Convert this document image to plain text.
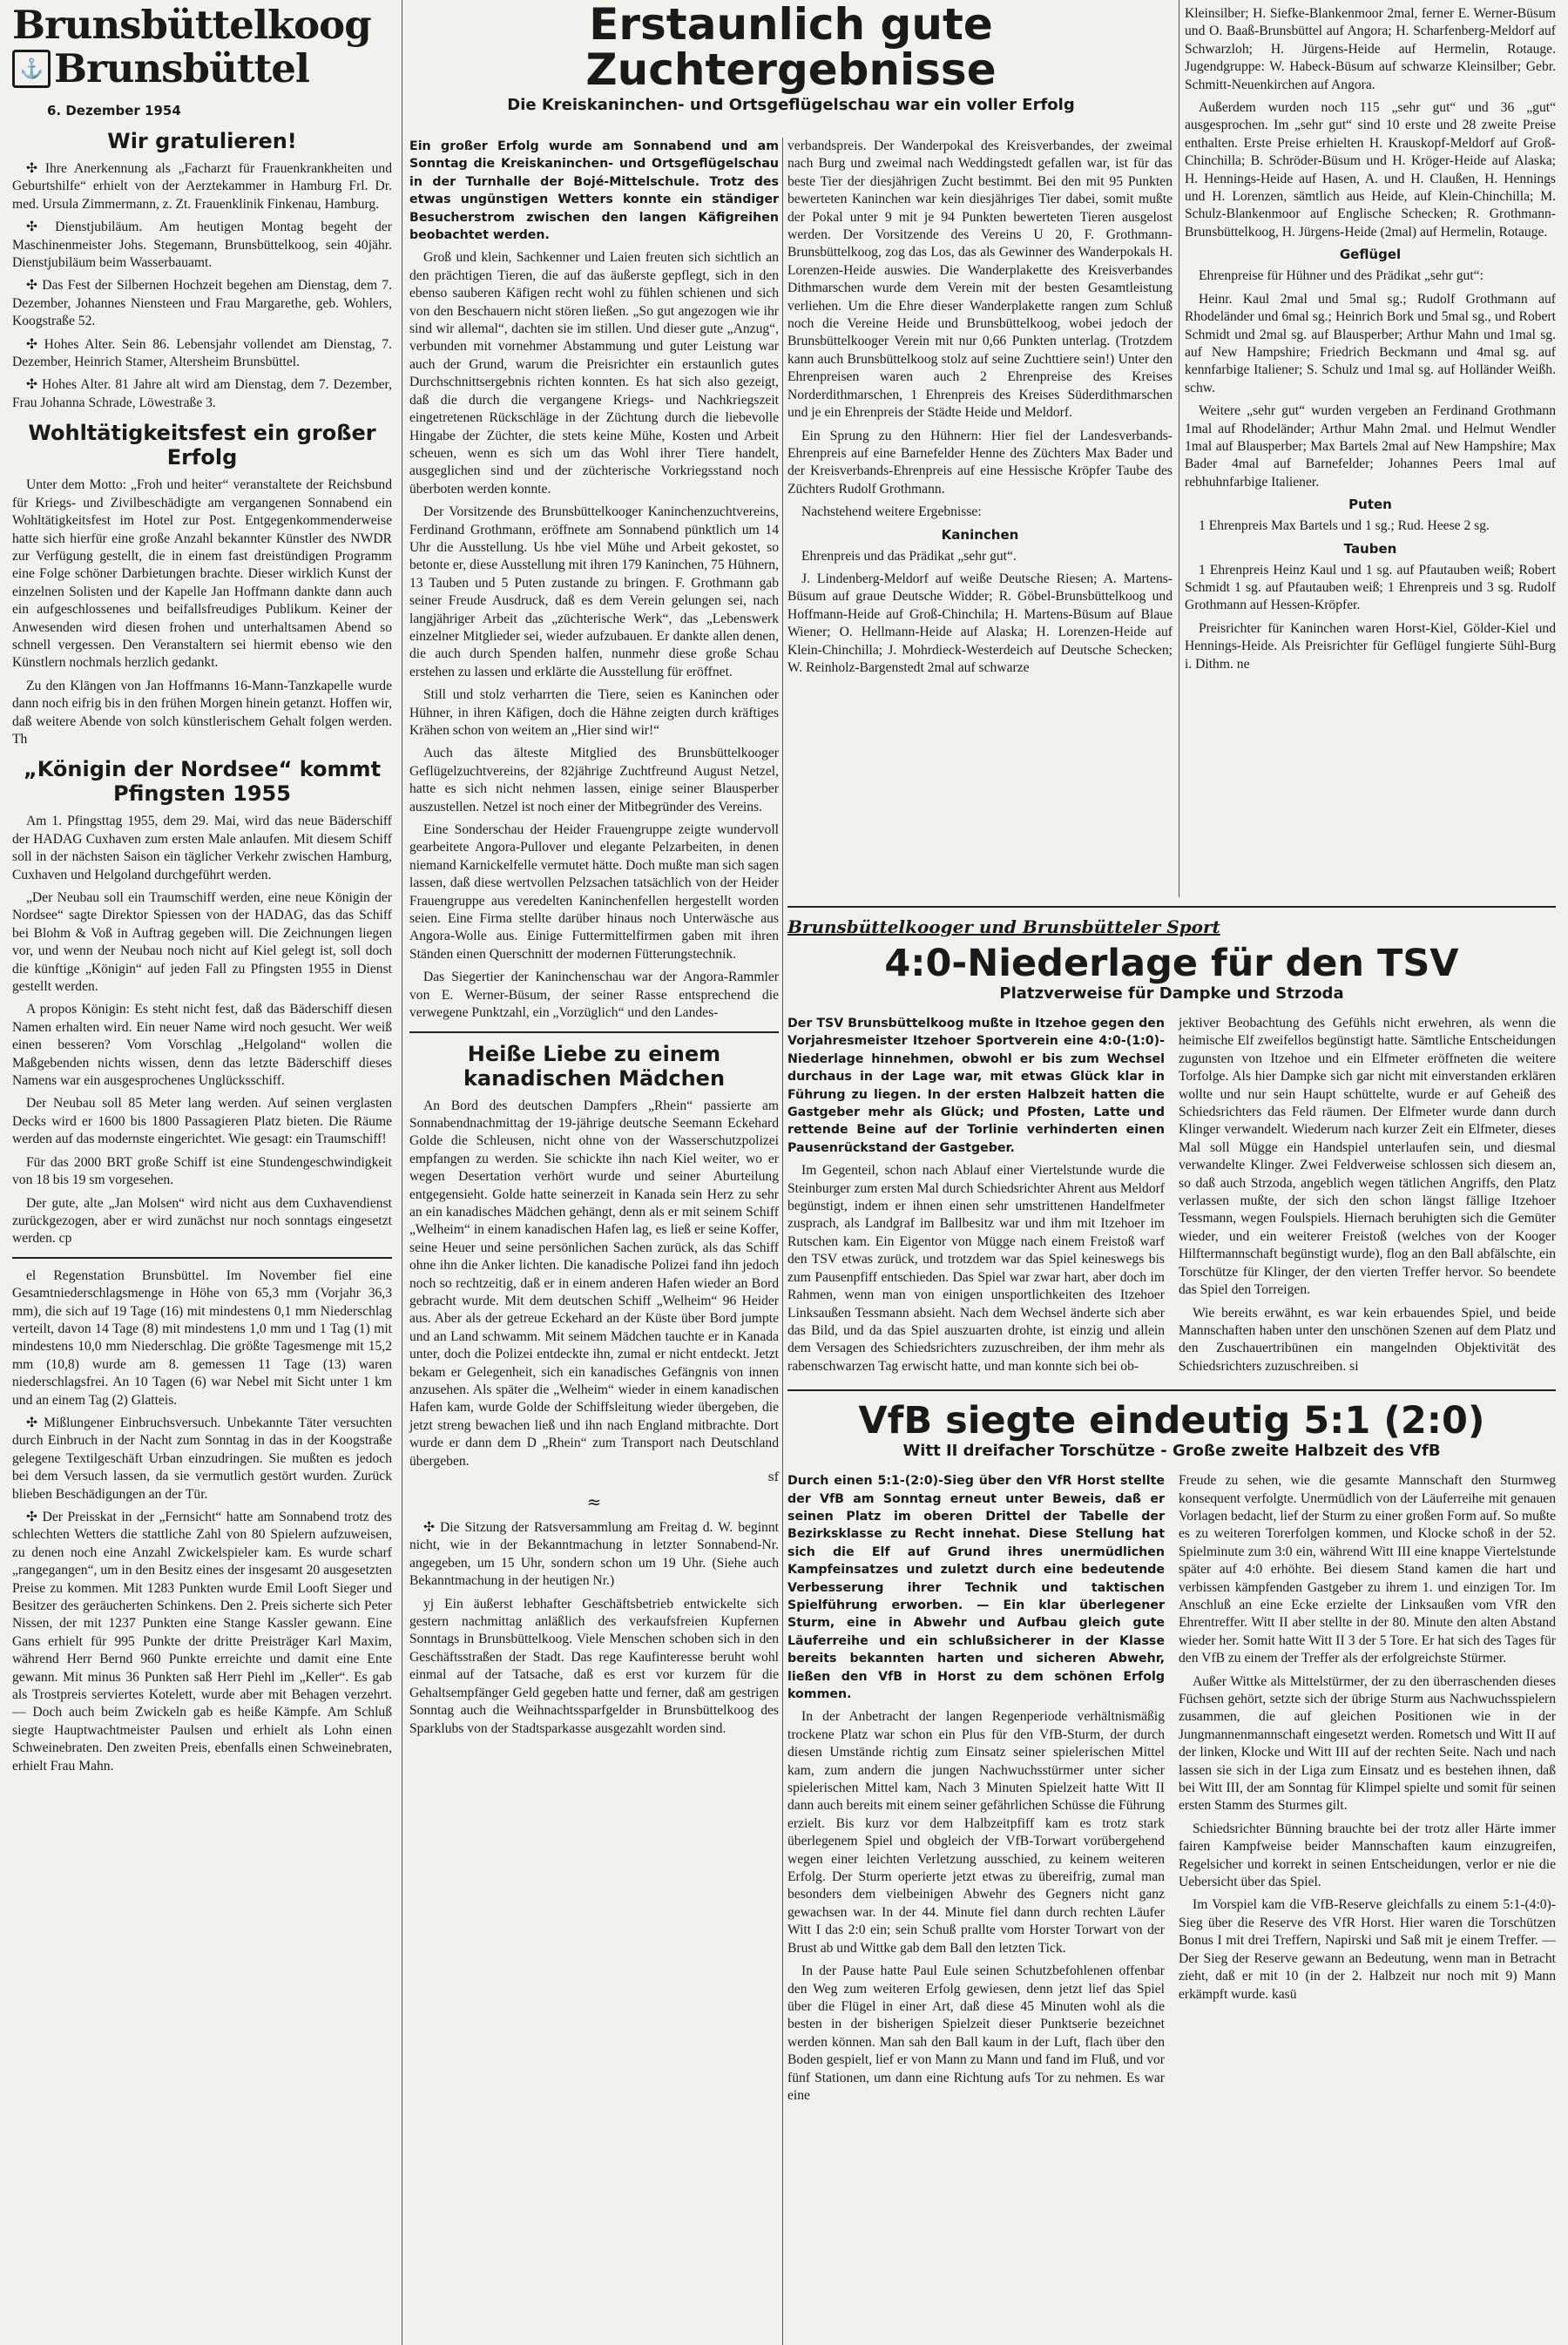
Brunsbüttelkoog
⚓ Brunsbüttel
6. Dezember 1954
Wir gratulieren!

✣ Ihre Anerkennung als „Facharzt für Frauenkrankheiten und Geburtshilfe“ erhielt von der Aerztekammer in Hamburg Frl. Dr. med. Ursula Zimmermann, z. Zt. Frauenklinik Finkenau, Hamburg.

✣ Dienstjubiläum. Am heutigen Montag begeht der Maschinenmeister Johs. Stegemann, Brunsbüttelkoog, sein 40jähr. Dienstjubiläum beim Wasserbauamt.

✣ Das Fest der Silbernen Hochzeit begehen am Dienstag, dem 7. Dezember, Johannes Niensteen und Frau Margarethe, geb. Wohlers, Koogstraße 52.

✣ Hohes Alter. Sein 86. Lebensjahr vollendet am Dienstag, 7. Dezember, Heinrich Stamer, Altersheim Brunsbüttel.

✣ Hohes Alter. 81 Jahre alt wird am Dienstag, dem 7. Dezember, Frau Johanna Schrade, Löwestraße 3.

Wohltätigkeitsfest ein großer Erfolg

Unter dem Motto: „Froh und heiter“ veranstaltete der Reichsbund für Kriegs- und Zivilbeschädigte am vergangenen Sonnabend ein Wohltätigkeitsfest im Hotel zur Post. Entgegenkommenderweise hatte sich hierfür eine große Anzahl bekannter Künstler des NWDR zur Verfügung gestellt, die in einem fast dreistündigen Programm eine Folge schöner Darbietungen brachte. Dieser wirklich Kunst der einzelnen Solisten und der Kapelle Jan Hoffmann dankte dann auch ein aufgeschlossenes und beifallsfreudiges Publikum. Keiner der Anwesenden wird diesen frohen und unterhaltsamen Abend so schnell vergessen. Den Veranstaltern sei hiermit ebenso wie den Künstlern nochmals herzlich gedankt.

Zu den Klängen von Jan Hoffmanns 16-Mann-Tanzkapelle wurde dann noch eifrig bis in den frühen Morgen hinein getanzt. Hoffen wir, daß weitere Abende von solch künstlerischem Gehalt folgen werden. Th

„Königin der Nordsee“ kommt Pfingsten 1955

Am 1. Pfingsttag 1955, dem 29. Mai, wird das neue Bäderschiff der HADAG Cuxhaven zum ersten Male anlaufen. Mit diesem Schiff soll in der nächsten Saison ein täglicher Verkehr zwischen Hamburg, Cuxhaven und Helgoland durchgeführt werden.

„Der Neubau soll ein Traumschiff werden, eine neue Königin der Nordsee“ sagte Direktor Spiessen von der HADAG, das das Schiff bei Blohm & Voß in Auftrag gegeben will. Die Zeichnungen liegen vor, und wenn der Neubau noch nicht auf Kiel gelegt ist, soll doch die künftige „Königin“ auf jeden Fall zu Pfingsten 1955 in Dienst gestellt werden.

A propos Königin: Es steht nicht fest, daß das Bäderschiff diesen Namen erhalten wird. Ein neuer Name wird noch gesucht. Wer weiß einen besseren? Vom Vorschlag „Helgoland“ wollen die Maßgebenden nichts wissen, denn das letzte Bäderschiff dieses Namens war ein ausgesprochenes Unglücksschiff.

Der Neubau soll 85 Meter lang werden. Auf seinen verglasten Decks wird er 1600 bis 1800 Passagieren Platz bieten. Die Räume werden auf das modernste eingerichtet. Wie gesagt: ein Traumschiff!

Für das 2000 BRT große Schiff ist eine Stundengeschwindigkeit von 18 bis 19 sm vorgesehen.

Der gute, alte „Jan Molsen“ wird nicht aus dem Cuxhavendienst zurückgezogen, aber er wird zunächst nur noch sonntags eingesetzt werden. cp

el Regenstation Brunsbüttel. Im November fiel eine Gesamtniederschlagsmenge in Höhe von 65,3 mm (Vorjahr 36,3 mm), die sich auf 19 Tage (16) mit mindestens 0,1 mm Niederschlag verteilt, davon 14 Tage (8) mit mindestens 1,0 mm und 1 Tag (1) mit mindestens 10,0 mm Niederschlag. Die größte Tagesmenge mit 15,2 mm (10,8) wurde am 8. gemessen 11 Tage (13) waren niederschlagsfrei. An 10 Tagen (6) war Nebel mit Sicht unter 1 km und an einem Tag (2) Glatteis.

✣ Mißlungener Einbruchsversuch. Unbekannte Täter versuchten durch Einbruch in der Nacht zum Sonntag in das in der Koogstraße gelegene Textilgeschäft Urban einzudringen. Sie mußten es jedoch bei dem Versuch lassen, da sie vermutlich gestört wurden. Zurück blieben Beschädigungen an der Tür.

✣ Der Preisskat in der „Fernsicht“ hatte am Sonnabend trotz des schlechten Wetters die stattliche Zahl von 80 Spielern aufzuweisen, zu denen noch eine Anzahl Zwickelspieler kam. Es wurde scharf „rangegangen“, um in den Besitz eines der insgesamt 20 ausgesetzten Preise zu kommen. Mit 1283 Punkten wurde Emil Looft Sieger und Besitzer des geräucherten Schinkens. Den 2. Preis sicherte sich Peter Nissen, der mit 1237 Punkten eine Stange Kassler gewann. Eine Gans erhielt für 995 Punkte der dritte Preisträger Karl Maxim, während Herr Bernd 960 Punkte erreichte und damit eine Ente gewann. Mit minus 36 Punkten saß Herr Piehl im „Keller“. Es gab als Trostpreis serviertes Kotelett, wurde aber mit Behagen verzehrt. — Doch auch beim Zwickeln gab es heiße Kämpfe. Am Schluß siegte Hauptwachtmeister Paulsen und erhielt als Lohn einen Schweinebraten. Den zweiten Preis, ebenfalls einen Schweinebraten, erhielt Frau Mahn.

Erstaunlich gute Zuchtergebnisse
Die Kreiskaninchen- und Ortsgeflügelschau war ein voller Erfolg

Ein großer Erfolg wurde am Sonnabend und am Sonntag die Kreiskaninchen- und Ortsgeflügelschau in der Turnhalle der Bojé-Mittelschule. Trotz des etwas ungünstigen Wetters konnte ein ständiger Besucherstrom zwischen den langen Käfigreihen beobachtet werden.

Groß und klein, Sachkenner und Laien freuten sich sichtlich an den prächtigen Tieren, die auf das äußerste gepflegt, sich in den ebenso sauberen Käfigen recht wohl zu fühlen schienen und sich von den Beschauern nicht stören ließen. „So gut angezogen wie ihr sind wir allemal“, dachten sie im stillen. Und dieser gute „Anzug“, verbunden mit vornehmer Abstammung und guter Leistung war auch der Grund, warum die Preisrichter ein erstaunlich gutes Durchschnittsergebnis richten konnten. Es hat sich also gezeigt, daß die durch die vergangene Kriegs- und Nachkriegszeit eingetretenen Rückschläge in der Züchtung durch die liebevolle Hingabe der Züchter, die stets keine Mühe, Kosten und Arbeit scheuen, wenn es sich um das Wohl ihrer Tiere handelt, ausgeglichen sind und der züchterische Vorkriegsstand noch überboten werden konnte.

Der Vorsitzende des Brunsbüttelkooger Kaninchenzuchtvereins, Ferdinand Grothmann, eröffnete am Sonnabend pünktlich um 14 Uhr die Ausstellung. Us hbe viel Mühe und Arbeit gekostet, so betonte er, diese Ausstellung mit ihren 179 Kaninchen, 75 Hühnern, 13 Tauben und 5 Puten zustande zu bringen. F. Grothmann gab seiner Freude Ausdruck, daß es dem Verein gelungen sei, nach langjähriger Arbeit das „züchterische Werk“, das „Lebenswerk einzelner Mitglieder sei, wieder aufzubauen. Er dankte allen denen, die auch durch Spenden halfen, nunmehr diese große Schau erstehen zu lassen und erklärte die Ausstellung für eröffnet.

Still und stolz verharrten die Tiere, seien es Kaninchen oder Hühner, in ihren Käfigen, doch die Hähne zeigten durch kräftiges Krähen schon von weitem an „Hier sind wir!“

Auch das älteste Mitglied des Brunsbüttelkooger Geflügelzuchtvereins, der 82jährige Zuchtfreund August Netzel, hatte es sich nicht nehmen lassen, einige seiner Blausperber auszustellen. Netzel ist noch einer der Mitbegründer des Vereins.

Eine Sonderschau der Heider Frauengruppe zeigte wundervoll gearbeitete Angora-Pullover und elegante Pelzarbeiten, in denen niemand Karnickelfelle vermutet hätte. Doch mußte man sich sagen lassen, daß diese wertvollen Pelzsachen tatsächlich von der Heider Frauengruppe aus veredelten Kaninchenfellen hergestellt worden seien. Eine Firma stellte darüber hinaus noch Unterwäsche aus Angora-Wolle aus. Einige Futtermittelfirmen gaben mit ihren Ständen einen Querschnitt der modernen Fütterungstechnik.

Das Siegertier der Kaninchenschau war der Angora-Rammler von E. Werner-Büsum, der seiner Rasse entsprechend die verwegene Punktzahl, ein „Vorzüglich“ und den Landes-

Heiße Liebe zu einem kanadischen Mädchen

An Bord des deutschen Dampfers „Rhein“ passierte am Sonnabendnachmittag der 19-jährige deutsche Seemann Eckehard Golde die Schleusen, nicht ohne von der Wasserschutzpolizei empfangen zu werden. Sie schickte ihn nach Kiel weiter, wo er wegen Desertation verhört wurde und seiner Aburteilung entgegensieht. Golde hatte seinerzeit in Kanada sein Herz zu sehr an ein kanadisches Mädchen gehängt, denn als er mit seinem Schiff „Welheim“ in einem kanadischen Hafen lag, es ließ er seine Koffer, seine Heuer und seine persönlichen Sachen zurück, als das Schiff ohne ihn die Anker lichten. Die kanadische Polizei fand ihn jedoch noch so rechtzeitig, daß er in einem anderen Hafen wieder an Bord gebracht wurde. Mit dem deutschen Schiff „Welheim“ 96 Heider aus. Aber als der getreue Eckehard an der Küste über Bord jumpte und an Land schwamm. Mit seinem Mädchen tauchte er in Kanada unter, doch die Polizei entdeckte ihn, zumal er nicht entdeckt. Jetzt bekam er Gelegenheit, sich ein kanadisches Gefängnis von innen anzusehen. Als später die „Welheim“ wieder in einem kanadischen Hafen kam, wurde Golde der Schiffsleitung wieder übergeben, die jetzt streng bewachen ließ und ihn nach England mitbrachte. Dort wurde er dann dem D „Rhein“ zum Transport nach Deutschland übergeben.

sf
≈

✣ Die Sitzung der Ratsversammlung am Freitag d. W. beginnt nicht, wie in der Bekanntmachung in letzter Sonnabend-Nr. angegeben, um 15 Uhr, sondern schon um 19 Uhr. (Siehe auch Bekanntmachung in der heutigen Nr.)

yj Ein äußerst lebhafter Geschäftsbetrieb entwickelte sich gestern nachmittag anläßlich des verkaufsfreien Kupfernen Sonntags in Brunsbüttelkoog. Viele Menschen schoben sich in den Geschäftsstraßen der Stadt. Das rege Kaufinteresse beruht wohl einmal auf der Tatsache, daß es erst vor kurzem für die Gehaltsempfänger Geld gegeben hatte und ferner, daß am gestrigen Sonntag auch die Weihnachtssparfgelder in Brunsbüttelkoog des Sparklubs von der Stadtsparkasse ausgezahlt worden sind.

verbandspreis. Der Wanderpokal des Kreisverbandes, der zweimal nach Burg und zweimal nach Weddingstedt gefallen war, ist für das beste Tier der diesjährigen Zucht bestimmt. Bei den mit 95 Punkten bewerteten Kaninchen war kein diesjähriges Tier dabei, somit mußte der Pokal unter 9 mit je 94 Punkten bewerteten Tieren ausgelost werden. Der Vorsitzende des Vereins U 20, F. Grothmann-Brunsbüttelkoog, zog das Los, das als Gewinner des Wanderpokals H. Lorenzen-Heide auswies. Die Wanderplakette des Kreisverbandes Dithmarschen wurde dem Verein mit der besten Gesamtleistung verliehen. Um die Ehre dieser Wanderplakette rangen zum Schluß noch die Vereine Heide und Brunsbüttelkoog, wobei jedoch der Brunsbüttelkooger Verein mit nur 0,66 Punkten unterlag. (Trotzdem kann auch Brunsbüttelkoog stolz auf seine Zuchttiere sein!) Unter den Ehrenpreisen waren auch 2 Ehrenpreise des Kreises Norderdithmarschen, 1 Ehrenpreis des Kreises Süderdithmarschen und je ein Ehrenpreis der Städte Heide und Meldorf.

Ein Sprung zu den Hühnern: Hier fiel der Landesverbands-Ehrenpreis auf eine Barnefelder Henne des Züchters Max Bader und der Kreisverbands-Ehrenpreis auf eine Hessische Kröpfer Taube des Züchters Rudolf Grothmann.

Nachstehend weitere Ergebnisse:

Kaninchen

Ehrenpreis und das Prädikat „sehr gut“.

J. Lindenberg-Meldorf auf weiße Deutsche Riesen; A. Martens-Büsum auf graue Deutsche Widder; R. Göbel-Brunsbüttelkoog und Hoffmann-Heide auf Groß-Chinchila; H. Martens-Büsum auf Blaue Wiener; O. Hellmann-Heide auf Alaska; H. Lorenzen-Heide auf Klein-Chinchilla; J. Mohrdieck-Westerdeich auf Deutsche Schecken; W. Reinholz-Bargenstedt 2mal auf schwarze

Kleinsilber; H. Siefke-Blankenmoor 2mal, ferner E. Werner-Büsum und O. Baaß-Brunsbüttel auf Angora; H. Scharfenberg-Meldorf auf Schwarzloh; H. Jürgens-Heide auf Hermelin, Rotauge. Jugendgruppe: W. Habeck-Büsum auf schwarze Kleinsilber; Gebr. Schmitt-Neuenkirchen auf Angora.

Außerdem wurden noch 115 „sehr gut“ und 36 „gut“ ausgesprochen. Im „sehr gut“ sind 10 erste und 28 zweite Preise enthalten. Erste Preise erhielten H. Krauskopf-Meldorf auf Groß-Chinchilla; B. Schröder-Büsum und H. Kröger-Heide auf Alaska; H. Hennings-Heide auf Hasen, A. und H. Claußen, H. Hennings und H. Lorenzen, sämtlich aus Heide, auf Klein-Chinchilla; M. Schulz-Blankenmoor auf Englische Schecken; R. Grothmann-Brunsbüttelkoog, H. Jürgens-Heide (2mal) auf Hermelin, Rotauge.

Geflügel

Ehrenpreise für Hühner und des Prädikat „sehr gut“:

Heinr. Kaul 2mal und 5mal sg.; Rudolf Grothmann auf Rhodeländer und 6mal sg.; Heinrich Bork und 5mal sg., und Robert Schmidt und 2mal sg. auf Blausperber; Arthur Mahn und 1mal sg. auf New Hampshire; Friedrich Beckmann und 4mal sg. auf kennfarbige Italiener; S. Schulz und 1mal sg. auf Holländer Weißh. schw.

Weitere „sehr gut“ wurden vergeben an Ferdinand Grothmann 1mal auf Rhodeländer; Arthur Mahn 2mal. und Helmut Wendler 1mal auf Blausperber; Max Bartels 2mal auf New Hampshire; Max Bader 4mal auf Barnefelder; Johannes Peers 1mal auf rebhuhnfarbige Italiener.

Puten

1 Ehrenpreis Max Bartels und 1 sg.; Rud. Heese 2 sg.

Tauben

1 Ehrenpreis Heinz Kaul und 1 sg. auf Pfautauben weiß; Robert Schmidt 1 sg. auf Pfautauben weiß; 1 Ehrenpreis und 3 sg. Rudolf Grothmann auf Hessen-Kröpfer.

Preisrichter für Kaninchen waren Horst-Kiel, Gölder-Kiel und Hennings-Heide. Als Preisrichter für Geflügel fungierte Sühl-Burg i. Dithm. ne

Brunsbüttelkooger und Brunsbütteler Sport
4:0-Niederlage für den TSV
Platzverweise für Dampke und Strzoda

Der TSV Brunsbüttelkoog mußte in Itzehoe gegen den Vorjahresmeister Itzehoer Sportverein eine 4:0-(1:0)-Niederlage hinnehmen, obwohl er bis zum Wechsel durchaus in der Lage war, mit etwas Glück klar in Führung zu liegen. In der ersten Halbzeit hatten die Gastgeber mehr als Glück; und Pfosten, Latte und rettende Beine auf der Torlinie verhinderten einen Pausenrückstand der Gastgeber.

Im Gegenteil, schon nach Ablauf einer Viertelstunde wurde die Steinburger zum ersten Mal durch Schiedsrichter Ahrent aus Meldorf begünstigt, indem er ihnen einen sehr umstrittenen Handelfmeter zusprach, als Landgraf im Ballbesitz war und ihm mit Itzehoer im Rutschen kam. Ein Eigentor von Mügge nach einem Freistoß warf den TSV etwas zurück, und trotzdem war das Spiel keineswegs bis zum Pausenpfiff entschieden. Das Spiel war zwar hart, aber doch im Rahmen, wenn man von einigen unsportlichkeiten des Itzehoer Linksaußen Tessmann absieht. Nach dem Wechsel änderte sich aber das Bild, und da das Spiel auszuarten drohte, ist einzig und allein dem Versagen des Schiedsrichters zuzuschreiben, der ihm mehr als rabenschwarzen Tag erwischt hatte, und man konnte sich bei ob-

jektiver Beobachtung des Gefühls nicht erwehren, als wenn die heimische Elf zweifellos begünstigt hatte. Sämtliche Entscheidungen zugunsten von Itzehoe und ein Elfmeter eröffneten die weitere Torfolge. Als hier Dampke sich gar nicht mit einverstanden erklären wollte und nur sein Haupt schüttelte, wurde er auf Geheiß des Schiedsrichters das Feld räumen. Der Elfmeter wurde dann durch Klinger verwandelt. Wiederum nach kurzer Zeit ein Elfmeter, dieses Mal soll Mügge ein Handspiel unterlaufen sein, und diesmal verwandelte Klinger. Zwei Feldverweise schlossen sich diesem an, so daß auch Strzoda, angeblich wegen tätlichen Angriffs, den Platz verlassen mußte, der sich den schon längst fällige Itzehoer Tessmann, wegen Foulspiels. Hiernach beruhigten sich die Gemüter wieder, und ein weiterer Freistoß (welches von der Kooger Hilftermannschaft begünstigt wurde), flog an den Ball abfälschte, ein Torschütze für Klinger, der den vierten Treffer hervor. So beendete das Spiel den Torreigen.

Wie bereits erwähnt, es war kein erbauendes Spiel, und beide Mannschaften haben unter den unschönen Szenen auf dem Platz und den Zuschauertribünen ein mangelnden Objektivität des Schiedsrichters zuzuschreiben. si

VfB siegte eindeutig 5:1 (2:0)
Witt II dreifacher Torschütze - Große zweite Halbzeit des VfB

Durch einen 5:1-(2:0)-Sieg über den VfR Horst stellte der VfB am Sonntag erneut unter Beweis, daß er seinen Platz im oberen Drittel der Tabelle der Bezirksklasse zu Recht innehat. Diese Stellung hat sich die Elf auf Grund ihres unermüdlichen Kampfeinsatzes und zuletzt durch eine bedeutende Verbesserung ihrer Technik und taktischen Spielführung erworben. — Ein klar überlegener Sturm, eine in Abwehr und Aufbau gleich gute Läuferreihe und ein schlußsicherer in der Klasse bereits bekannten harten und sicheren Abwehr, ließen den VfB in Horst zu dem schönen Erfolg kommen.

In der Anbetracht der langen Regenperiode verhältnismäßig trockene Platz war schon ein Plus für den VfB-Sturm, der durch diesen Umstände richtig zum Einsatz seiner spielerischen Mittel kam, zum andern die jungen Nachwuchsstürmer unter sicher spielerischen Mittel kam, Nach 3 Minuten Spielzeit hatte Witt II dann auch bereits mit einem seiner gefährlichen Schüsse die Führung erzielt. Bis kurz vor dem Halbzeitpfiff kam es trotz stark überlegenem Spiel und obgleich der VfB-Torwart vorübergehend wegen einer leichten Verletzung ausschied, zu keinem weiteren Erfolg. Der Sturm operierte jetzt etwas zu übereifrig, zumal man besonders dem vielbeinigen Abwehr des Gegners nicht ganz gewachsen war. In der 44. Minute fiel dann durch rechten Läufer Witt I das 2:0 ein; sein Schuß prallte vom Horster Torwart von der Brust ab und Wittke gab dem Ball den letzten Tick.

In der Pause hatte Paul Eule seinen Schutzbefohlenen offenbar den Weg zum weiteren Erfolg gewiesen, denn jetzt lief das Spiel über die Flügel in einer Art, daß diese 45 Minuten wohl als die besten in der bisherigen Spielzeit dieser Punktserie bezeichnet werden können. Man sah den Ball kaum in der Luft, flach über den Boden gespielt, lief er von Mann zu Mann und fand im Fluß, und vor fünf Stationen, um dann eine Richtung aufs Tor zu nehmen. Es war eine

Freude zu sehen, wie die gesamte Mannschaft den Sturmweg konsequent verfolgte. Unermüdlich von der Läuferreihe mit genauen Vorlagen bedacht, lief der Sturm zu einer großen Form auf. So mußte es zu weiteren Torerfolgen kommen, und Klocke schoß in der 52. Spielminute zum 3:0 ein, während Witt III eine knappe Viertelstunde später auf 4:0 erhöhte. Bei diesem Stand kamen die hart und verbissen kämpfenden Gastgeber zu ihrem 1. und einzigen Tor. Im Anschluß an eine Ecke erzielte der Linksaußen vom VfR den Ehrentreffer. Witt II aber stellte in der 80. Minute den alten Abstand wieder her. Somit hatte Witt II 3 der 5 Tore. Er hat sich des Tages für den VfB zu einem der Treffer als der erfolgreichste Stürmer.

Außer Wittke als Mittelstürmer, der zu den überraschenden dieses Füchsen gehört, setzte sich der übrige Sturm aus Nachwuchsspielern zusammen, die auf gleichen Positionen wie in der Jungmannenmannschaft eingesetzt werden. Rometsch und Witt II auf der linken, Klocke und Witt III auf der rechten Seite. Nach und nach lassen sie sich in der Liga zum Einsatz und es bestehen ihnen, daß bei Witt III, der am Sonntag für Klimpel spielte und somit für seinen ersten Stamm des Sturmes gilt.

Schiedsrichter Bünning brauchte bei der trotz aller Härte immer fairen Kampfweise beider Mannschaften kaum einzugreifen, Regelsicher und korrekt in seinen Entscheidungen, verlor er nie die Uebersicht über das Spiel.

Im Vorspiel kam die VfB-Reserve gleichfalls zu einem 5:1-(4:0)-Sieg über die Reserve des VfR Horst. Hier waren die Torschützen Bonus I mit drei Treffern, Napirski und Saß mit je einem Treffer. — Der Sieg der Reserve gewann an Bedeutung, wenn man in Betracht zieht, daß er mit 10 (in der 2. Halbzeit nur noch mit 9) Mann erkämpft wurde. kasü
